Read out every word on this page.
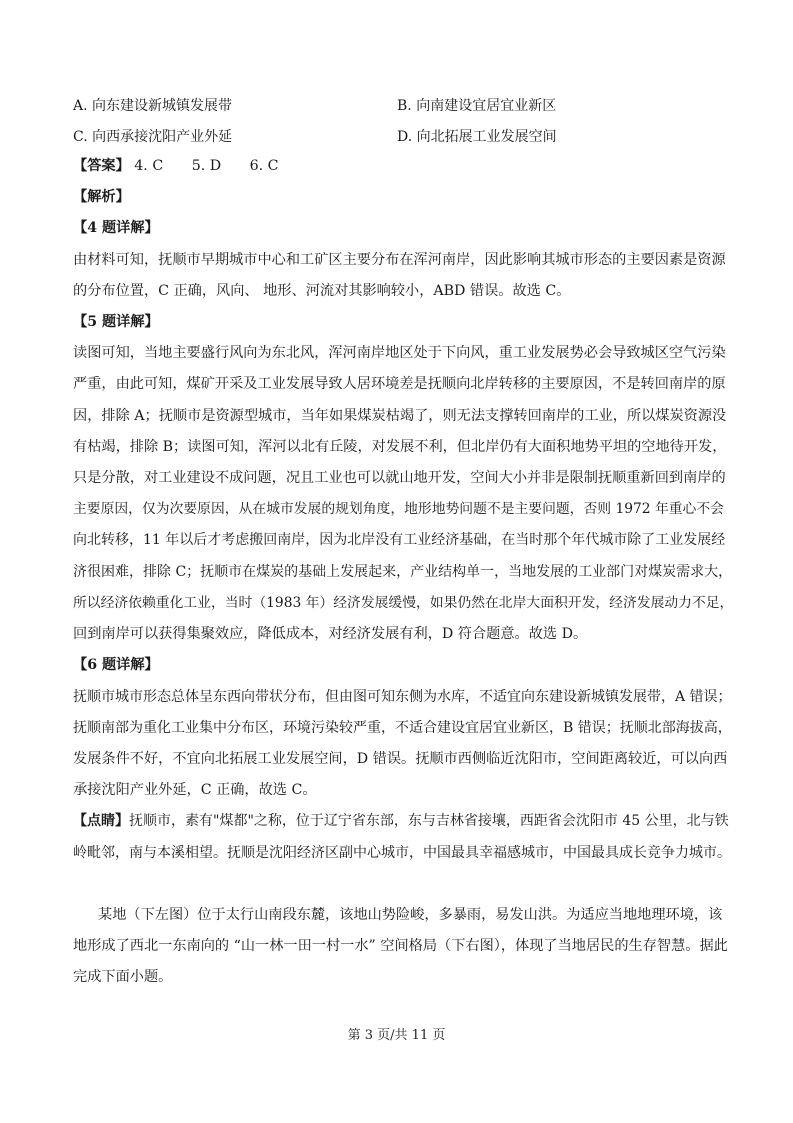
A. 向东建设新城镇发展带	B. 向南建设宜居宜业新区
C. 向西承接沈阳产业外延	D. 向北拓展工业发展空间
【答案】 4. C 5. D 6. C
【解析】
【4 题详解】
由材料可知，抚顺市早期城市中心和工矿区主要分布在浑河南岸，因此影响其城市形态的主要因素是资源
的分布位置，C 正确，风向、 地形、河流对其影响较小，ABD 错误。故选 C。
【5 题详解】
读图可知，当地主要盛行风向为东北风，浑河南岸地区处于下向风，重工业发展势必会导致城区空气污染
严重，由此可知，煤矿开采及工业发展导致人居环境差是抚顺向北岸转移的主要原因，不是转回南岸的原
因，排除 A；抚顺市是资源型城市，当年如果煤炭枯竭了，则无法支撑转回南岸的工业，所以煤炭资源没
有枯竭，排除 B；读图可知，浑河以北有丘陵，对发展不利，但北岸仍有大面积地势平坦的空地待开发，
只是分散，对工业建设不成问题，况且工业也可以就山地开发，空间大小并非是限制抚顺重新回到南岸的
主要原因，仅为次要原因，从在城市发展的规划角度，地形地势问题不是主要问题，否则 1972 年重心不会
向北转移，11 年以后才考虑搬回南岸，因为北岸没有工业经济基础，在当时那个年代城市除了工业发展经
济很困难，排除 C；抚顺市在煤炭的基础上发展起来，产业结构单一，当地发展的工业部门对煤炭需求大，
所以经济依赖重化工业，当时（1983 年）经济发展缓慢，如果仍然在北岸大面积开发，经济发展动力不足，
回到南岸可以获得集聚效应，降低成本，对经济发展有利，D 符合题意。故选 D。
【6 题详解】
抚顺市城市形态总体呈东西向带状分布，但由图可知东侧为水库，不适宜向东建设新城镇发展带，A 错误；
抚顺南部为重化工业集中分布区，环境污染较严重，不适合建设宜居宜业新区，B 错误；抚顺北部海拔高，
发展条件不好，不宜向北拓展工业发展空间，D 错误。抚顺市西侧临近沈阳市，空间距离较近，可以向西
承接沈阳产业外延，C 正确，故选 C。
【点睛】抚顺市，素有"煤都"之称，位于辽宁省东部，东与吉林省接壤，西距省会沈阳市 45 公里，北与铁
岭毗邻，南与本溪相望。抚顺是沈阳经济区副中心城市，中国最具幸福感城市，中国最具成长竞争力城市。
某地（下左图）位于太行山南段东麓，该地山势险峻，多暴雨，易发山洪。为适应当地地理环境，该
地形成了西北一东南向的 “山一林一田一村一水” 空间格局（下右图），体现了当地居民的生存智慧。据此
完成下面小题。
第 3 页/共 11 页
